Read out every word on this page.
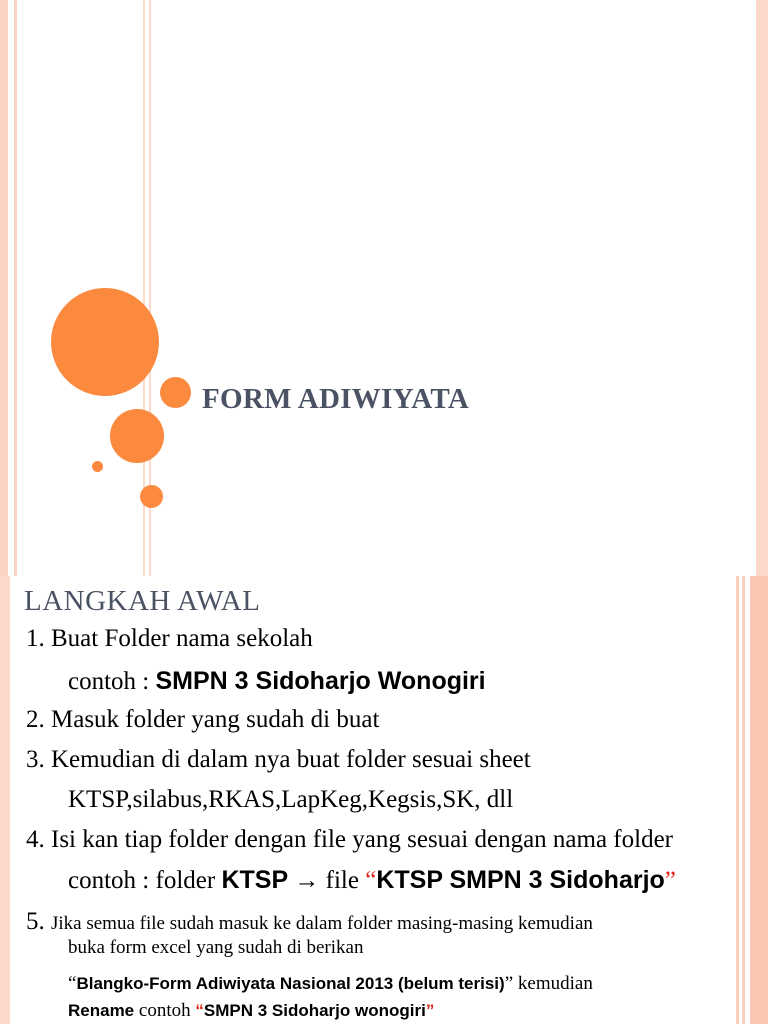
FORM ADIWIYATA
LANGKAH AWAL
1. Buat Folder nama sekolah
contoh : SMPN 3 Sidoharjo Wonogiri
2. Masuk folder yang sudah di buat
3. Kemudian di dalam nya buat folder sesuai sheet
KTSP,silabus,RKAS,LapKeg,Kegsis,SK, dll
4. Isi kan tiap folder dengan file yang sesuai dengan nama folder
contoh : folder KTSP → file “KTSP SMPN 3 Sidoharjo”
5. Jika semua file sudah masuk ke dalam folder masing-masing kemudian
buka form excel yang sudah di berikan
“Blangko-Form Adiwiyata Nasional 2013 (belum terisi)” kemudian
Rename contoh “SMPN 3 Sidoharjo wonogiri”
